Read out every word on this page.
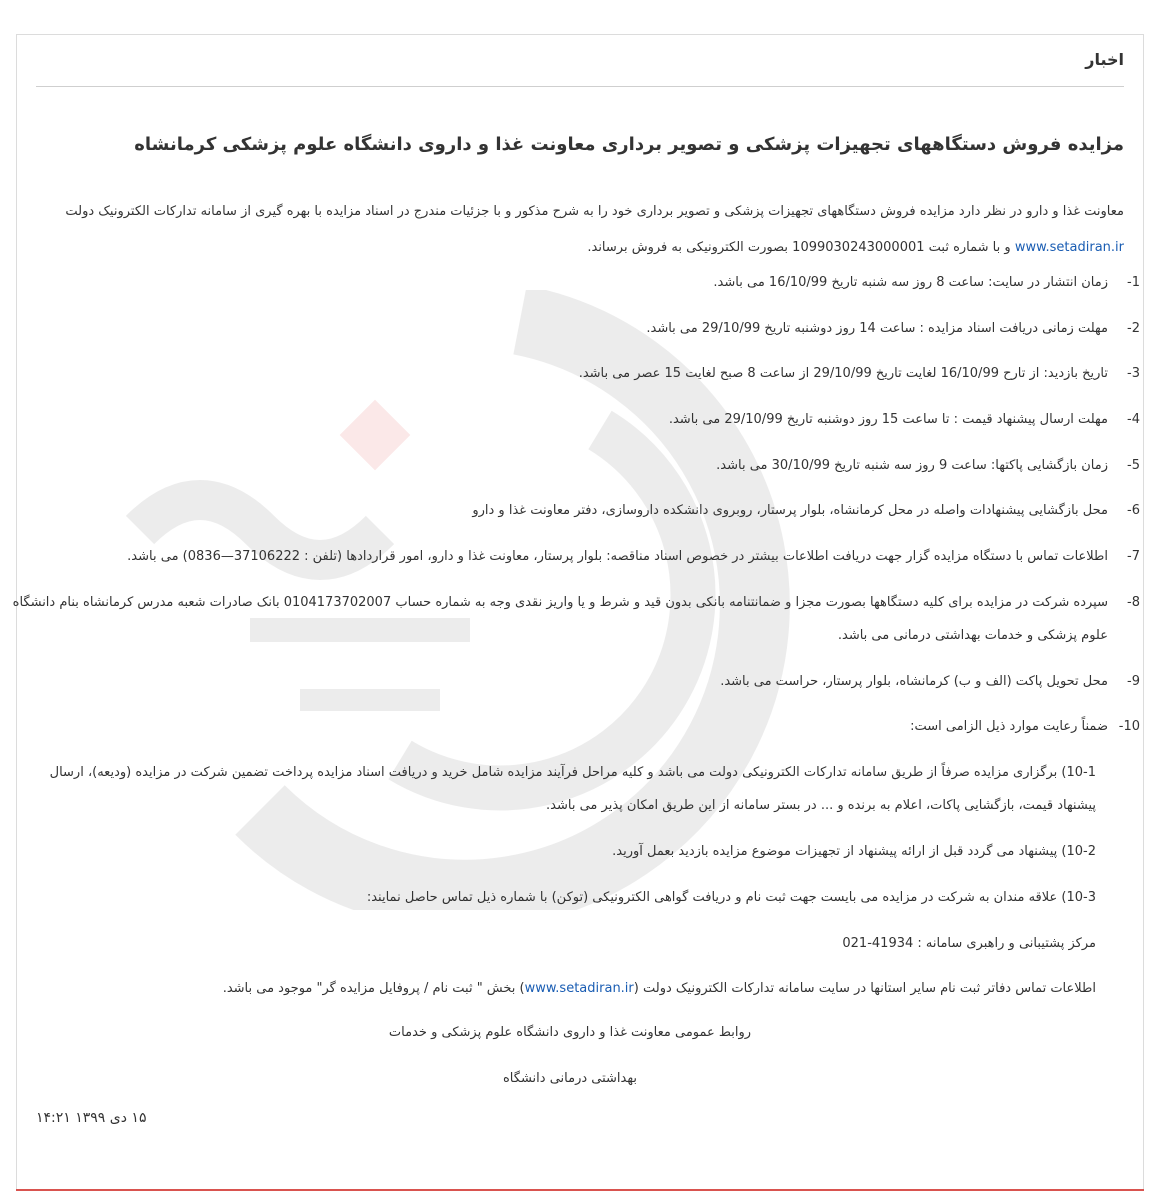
اخبار
مزایده فروش دستگاههای تجهیزات پزشکی و تصویر برداری معاونت غذا و داروی دانشگاه علوم پزشکی کرمانشاه

معاونت غذا و دارو در نظر دارد مزایده فروش دستگاههای تجهیزات پزشکی و تصویر برداری خود را به شرح مذکور و با جزئیات مندرج در اسناد مزایده با بهره گیری از سامانه تدارکات الکترونیک دولت www.setadiran.ir و با شماره ثبت 1099030243000001 بصورت الکترونیکی به فروش برساند.

1-
زمان انتشار در سایت: ساعت 8 روز سه شنبه تاریخ 16/10/99 می باشد.
2-
مهلت زمانی دریافت اسناد مزایده : ساعت 14 روز دوشنبه تاریخ 29/10/99 می باشد.
3-
تاریخ بازدید: از تارح 16/10/99 لغایت تاریخ 29/10/99 از ساعت 8 صبح لغایت 15 عصر می باشد.
4-
مهلت ارسال پیشنهاد قیمت : تا ساعت 15 روز دوشنبه تاریخ 29/10/99 می باشد.
5-
زمان بازگشایی پاکتها: ساعت 9 روز سه شنبه تاریخ 30/10/99 می باشد.
6-
محل بازگشایی پیشنهادات واصله در محل کرمانشاه، بلوار پرستار، روبروی دانشکده داروسازی، دفتر معاونت غذا و دارو
7-
اطلاعات تماس با دستگاه مزایده گزار جهت دریافت اطلاعات بیشتر در خصوص اسناد مناقصه: بلوار پرستار، معاونت غذا و دارو، امور قراردادها (تلفن : 37106222—0836) می باشد.
8-
سپرده شرکت در مزایده برای کلیه دستگاهها بصورت مجزا و ضمانتنامه بانکی بدون قید و شرط و یا واریز نقدی وجه به شماره حساب 0104173702007 بانک صادرات شعبه مدرس کرمانشاه بنام دانشگاه علوم پزشکی و خدمات بهداشتی درمانی می باشد.
9-
محل تحویل پاکت (الف و ب) کرمانشاه، بلوار پرستار، حراست می باشد.
10-
ضمناً رعایت موارد ذیل الزامی است:
10-1) برگزاری مزایده صرفاً از طریق سامانه تدارکات الکترونیکی دولت می باشد و کلیه مراحل فرآیند مزایده شامل خرید و دریافت اسناد مزایده پرداخت تضمین شرکت در مزایده (ودیعه)، ارسال پیشنهاد قیمت، بازگشایی پاکات، اعلام به برنده و ... در بستر سامانه از این طریق امکان پذیر می باشد.
10-2) پیشنهاد می گردد قبل از ارائه پیشنهاد از تجهیزات موضوع مزایده بازدید بعمل آورید.
10-3) علاقه مندان به شرکت در مزایده می بایست جهت ثبت نام و دریافت گواهی الکترونیکی (توکن) با شماره ذیل تماس حاصل نمایند:
مرکز پشتیبانی و راهبری سامانه : 41934-021
اطلاعات تماس دفاتر ثبت نام سایر استانها در سایت سامانه تدارکات الکترونیک دولت (www.setadiran.ir) بخش " ثبت نام / پروفایل مزایده گر" موجود می باشد.
روابط عمومی معاونت غذا و داروی دانشگاه علوم پزشکی و خدمات
بهداشتی درمانی دانشگاه
۱۵ دی ۱۳۹۹ ۱۴:۲۱
